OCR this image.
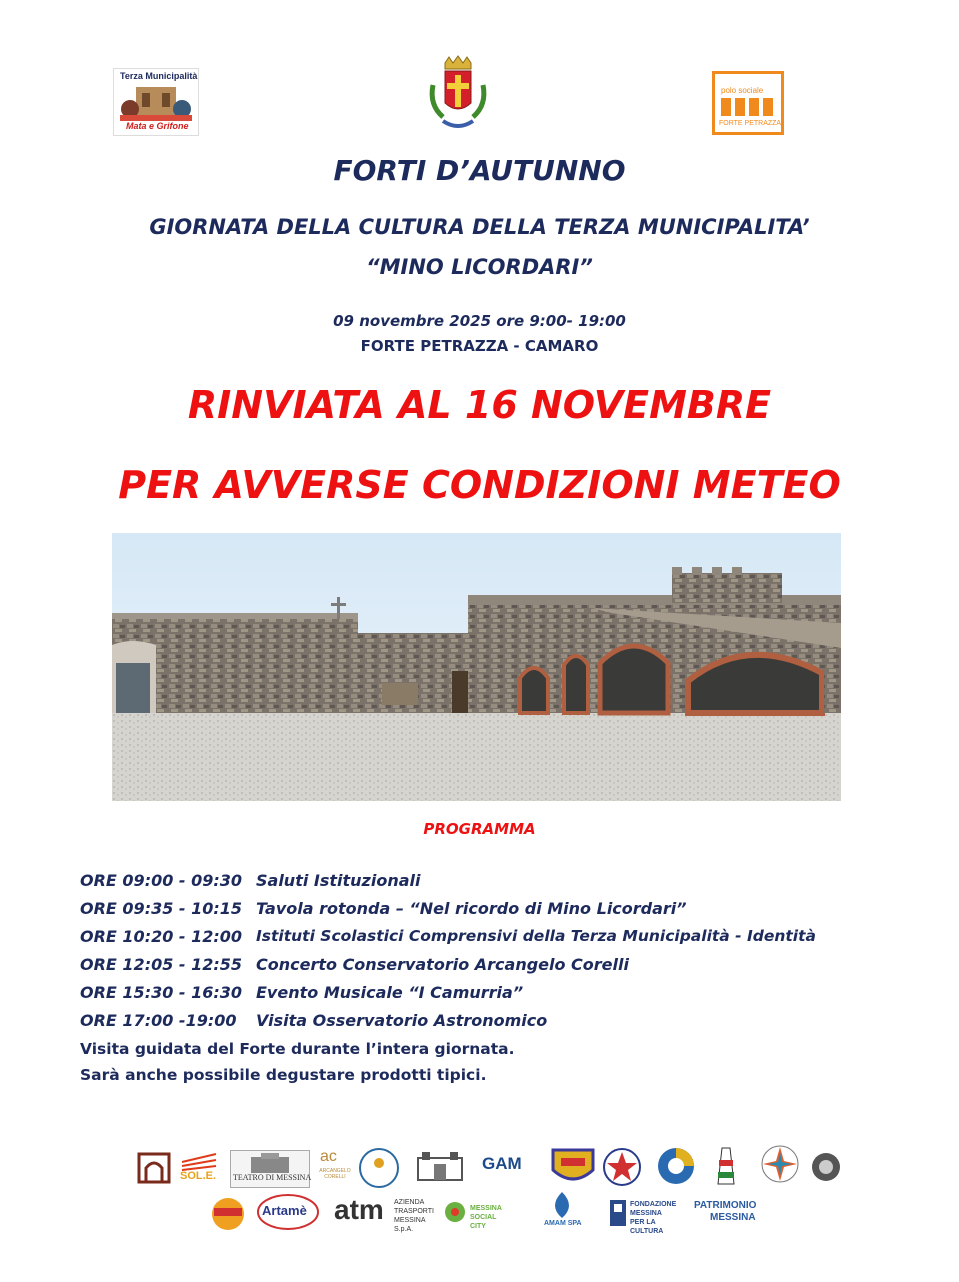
Terza Municipalità
Mata e Grifone
polo sociale
FORTE PETRAZZA
FORTI D’AUTUNNO
GIORNATA DELLA CULTURA DELLA TERZA MUNICIPALITA’
“MINO LICORDARI”
09 novembre 2025 ore 9:00- 19:00
FORTE PETRAZZA - CAMARO
RINVIATA AL 16 NOVEMBRE
PER AVVERSE CONDIZIONI METEO
PROGRAMMA
ORE 09:00 - 09:30 Saluti Istituzionali
ORE 09:35 - 10:15 Tavola rotonda – “Nel ricordo di Mino Licordari”
ORE 10:20 - 12:00 Istituti Scolastici Comprensivi della Terza Municipalità - Identità
ORE 12:05 - 12:55 Concerto Conservatorio Arcangelo Corelli
ORE 15:30 - 16:30 Evento Musicale “I Camurria”
ORE 17:00 -19:00 Visita Osservatorio Astronomico
Visita guidata del Forte durante l’intera giornata.
Sarà anche possibile degustare prodotti tipici.
SOL.E. TEATRO DI MESSINA
ac
ARCANGELO CORELLI
GAM
Artamè atm AZIENDA TRASPORTI MESSINA S.p.A.
MESSINA SOCIAL CITY	AMAM SPA
FONDAZIONE MESSINA PER LA CULTURA
PATRIMONIO
MESSINA
